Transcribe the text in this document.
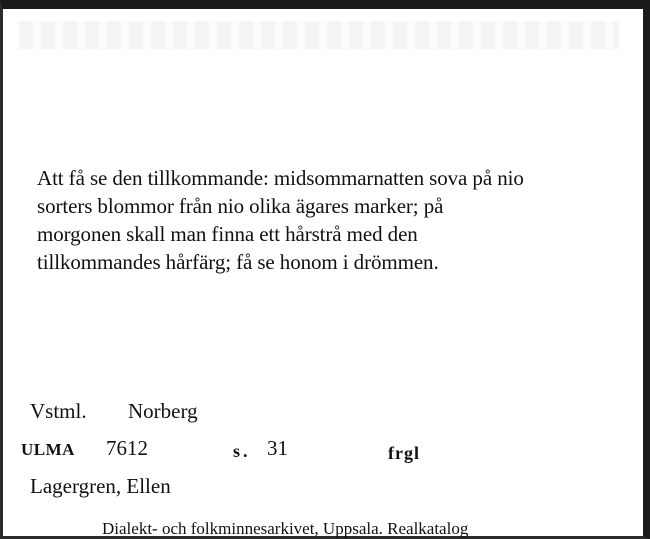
Att få se den tillkommande: midsommarnatten sova på nio
sorters blommor från nio olika ägares marker; på
morgonen skall man finna ett hårstrå med den
tillkommandes hårfärg; få se honom i drömmen.

Vstml. Norberg
ULMA 7612	s. 31	frgl
Lagergren, Ellen
Dialekt- och folkminnesarkivet, Uppsala. Realkatalog
